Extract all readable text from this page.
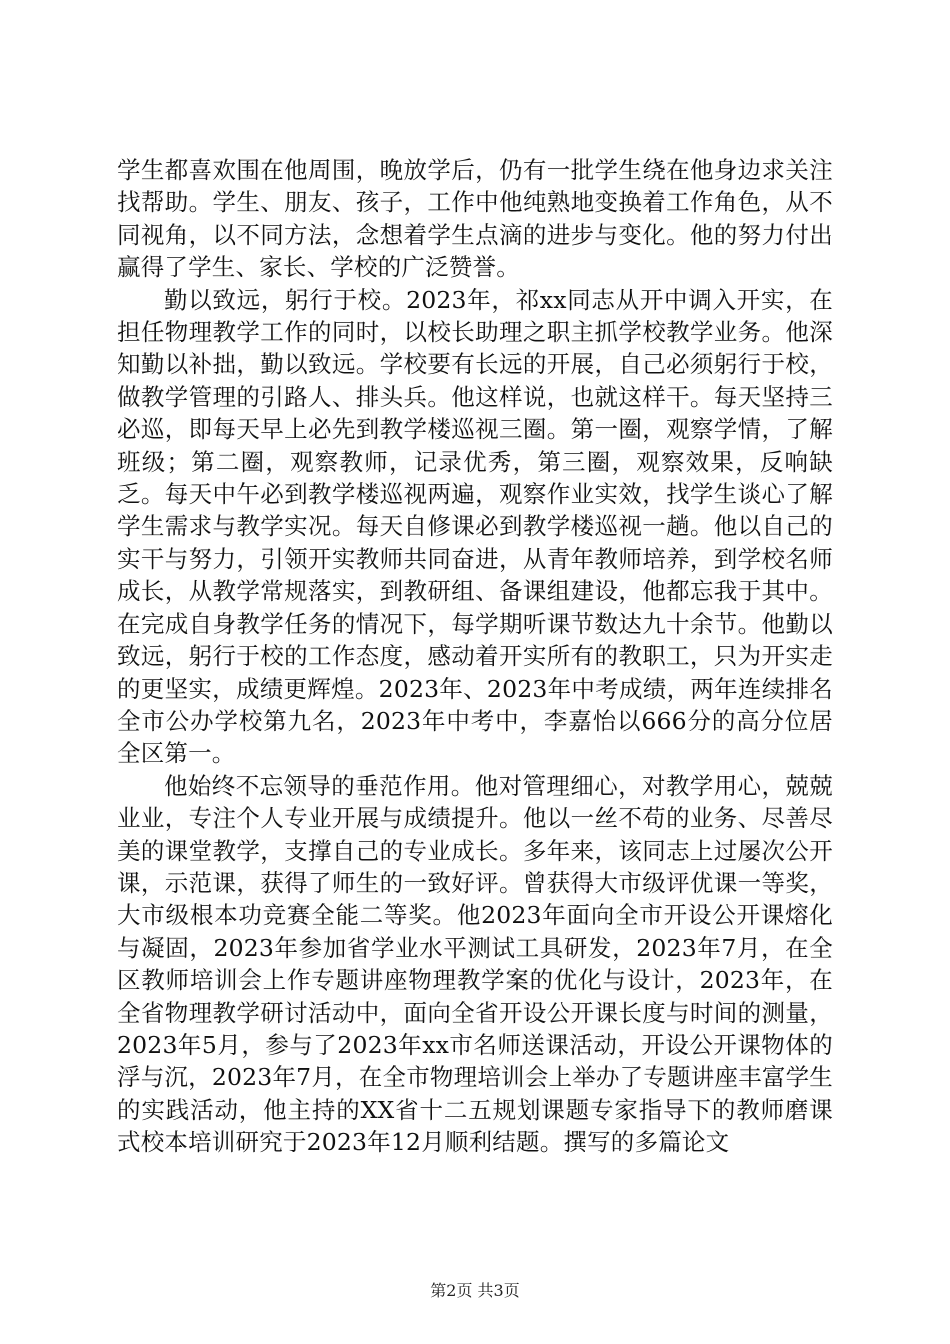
学生都喜欢围在他周围，晚放学后，仍有一批学生绕在他身边求关注找帮助。学生、朋友、孩子，工作中他纯熟地变换着工作角色，从不同视角，以不同方法，念想着学生点滴的进步与变化。他的努力付出赢得了学生、家长、学校的广泛赞誉。

勤以致远，躬行于校。2023年，祁xx同志从开中调入开实，在担任物理教学工作的同时，以校长助理之职主抓学校教学业务。他深知勤以补拙，勤以致远。学校要有长远的开展，自己必须躬行于校，做教学管理的引路人、排头兵。他这样说，也就这样干。每天坚持三必巡，即每天早上必先到教学楼巡视三圈。第一圈，观察学情，了解班级；第二圈，观察教师，记录优秀，第三圈，观察效果，反响缺乏。每天中午必到教学楼巡视两遍，观察作业实效，找学生谈心了解学生需求与教学实况。每天自修课必到教学楼巡视一趟。他以自己的实干与努力，引领开实教师共同奋进，从青年教师培养，到学校名师成长，从教学常规落实，到教研组、备课组建设，他都忘我于其中。在完成自身教学任务的情况下，每学期听课节数达九十余节。他勤以致远，躬行于校的工作态度，感动着开实所有的教职工，只为开实走的更坚实，成绩更辉煌。2023年、2023年中考成绩，两年连续排名全市公办学校第九名，2023年中考中，李嘉怡以666分的高分位居全区第一。

他始终不忘领导的垂范作用。他对管理细心，对教学用心，兢兢业业，专注个人专业开展与成绩提升。他以一丝不苟的业务、尽善尽美的课堂教学，支撑自己的专业成长。多年来，该同志上过屡次公开课，示范课，获得了师生的一致好评。曾获得大市级评优课一等奖，大市级根本功竞赛全能二等奖。他2023年面向全市开设公开课熔化与凝固，2023年参加省学业水平测试工具研发，2023年7月，在全区教师培训会上作专题讲座物理教学案的优化与设计，2023年，在全省物理教学研讨活动中，面向全省开设公开课长度与时间的测量，2023年5月，参与了2023年xx市名师送课活动，开设公开课物体的浮与沉，2023年7月，在全市物理培训会上举办了专题讲座丰富学生的实践活动，他主持的XX省十二五规划课题专家指导下的教师磨课式校本培训研究于2023年12月顺利结题。撰写的多篇论文

第2页 共3页
